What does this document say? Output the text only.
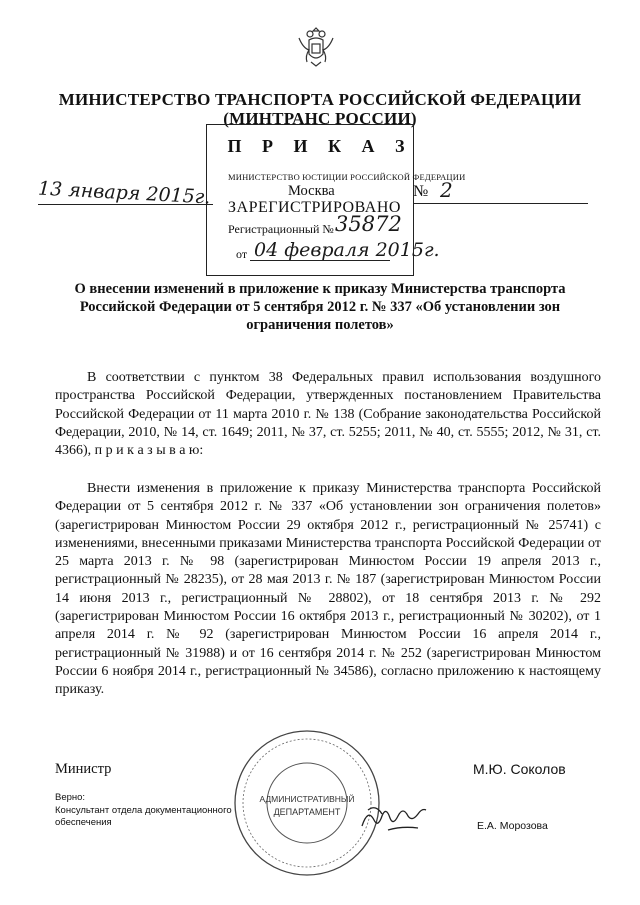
МИНИСТЕРСТВО ТРАНСПОРТА РОССИЙСКОЙ ФЕДЕРАЦИИ
(МИНТРАНС РОССИИ)
П Р И К А З
13 января 2015г.
МИНИСТЕРСТВО ЮСТИЦИИ РОССИЙСКОЙ ФЕДЕРАЦИИ
Москва
ЗАРЕГИСТРИРОВАНО
Регистрационный № 35872
от 04 февраля 2015г.
№ 2
О внесении изменений в приложение к приказу Министерства транспорта Российской Федерации от 5 сентября 2012 г. № 337 «Об установлении зон ограничения полетов»

В соответствии с пунктом 38 Федеральных правил использования воздушного пространства Российской Федерации, утвержденных постановлением Правительства Российской Федерации от 11 марта 2010 г. № 138 (Собрание законодательства Российской Федерации, 2010, № 14, ст. 1649; 2011, № 37, ст. 5255; 2011, № 40, ст. 5555; 2012, № 31, ст. 4366), п р и к а з ы в а ю:

Внести изменения в приложение к приказу Министерства транспорта Российской Федерации от 5 сентября 2012 г. № 337 «Об установлении зон ограничения полетов» (зарегистрирован Минюстом России 29 октября 2012 г., регистрационный № 25741) с изменениями, внесенными приказами Министерства транспорта Российской Федерации от 25 марта 2013 г. № 98 (зарегистрирован Минюстом России 19 апреля 2013 г., регистрационный № 28235), от 28 мая 2013 г. № 187 (зарегистрирован Минюстом России 14 июня 2013 г., регистрационный № 28802), от 18 сентября 2013 г. № 292 (зарегистрирован Минюстом России 16 октября 2013 г., регистрационный № 30202), от 1 апреля 2014 г. № 92 (зарегистрирован Минюстом России 16 апреля 2014 г., регистрационный № 31988) и от 16 сентября 2014 г. № 252 (зарегистрирован Минюстом России 6 ноября 2014 г., регистрационный № 34586), согласно приложению к настоящему приказу.

АДМИНИСТРАТИВНЫЙ
ДЕПАРТАМЕНТ
Министр	М.Ю. Соколов
Верно:
Консультант отдела документационного
обеспечения	Е.А. Морозова
